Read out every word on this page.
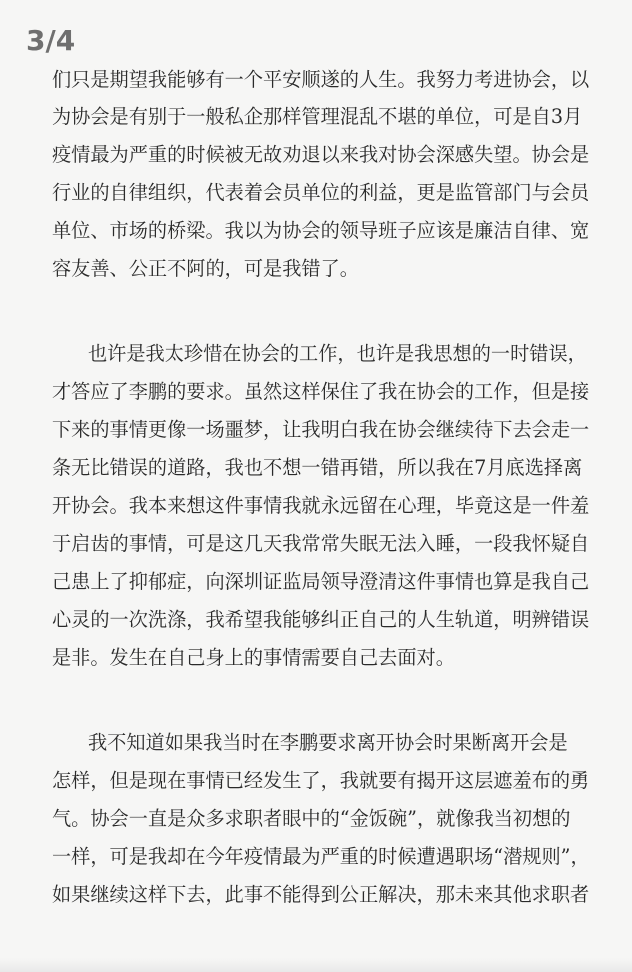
3/4
们只是期望我能够有一个平安顺遂的人生。我努力考进协会，以
为协会是有别于一般私企那样管理混乱不堪的单位，可是自3月
疫情最为严重的时候被无故劝退以来我对协会深感失望。协会是
行业的自律组织，代表着会员单位的利益，更是监管部门与会员
单位、市场的桥梁。我以为协会的领导班子应该是廉洁自律、宽
容友善、公正不阿的，可是我错了。
也许是我太珍惜在协会的工作，也许是我思想的一时错误，
才答应了李鹏的要求。虽然这样保住了我在协会的工作，但是接
下来的事情更像一场噩梦，让我明白我在协会继续待下去会走一
条无比错误的道路，我也不想一错再错，所以我在7月底选择离
开协会。我本来想这件事情我就永远留在心理，毕竟这是一件羞
于启齿的事情，可是这几天我常常失眠无法入睡，一段我怀疑自
己患上了抑郁症，向深圳证监局领导澄清这件事情也算是我自己
心灵的一次洗涤，我希望我能够纠正自己的人生轨道，明辨错误
是非。发生在自己身上的事情需要自己去面对。
我不知道如果我当时在李鹏要求离开协会时果断离开会是
怎样，但是现在事情已经发生了，我就要有揭开这层遮羞布的勇
气。协会一直是众多求职者眼中的“金饭碗”，就像我当初想的
一样，可是我却在今年疫情最为严重的时候遭遇职场“潜规则”，
如果继续这样下去，此事不能得到公正解决，那未来其他求职者
